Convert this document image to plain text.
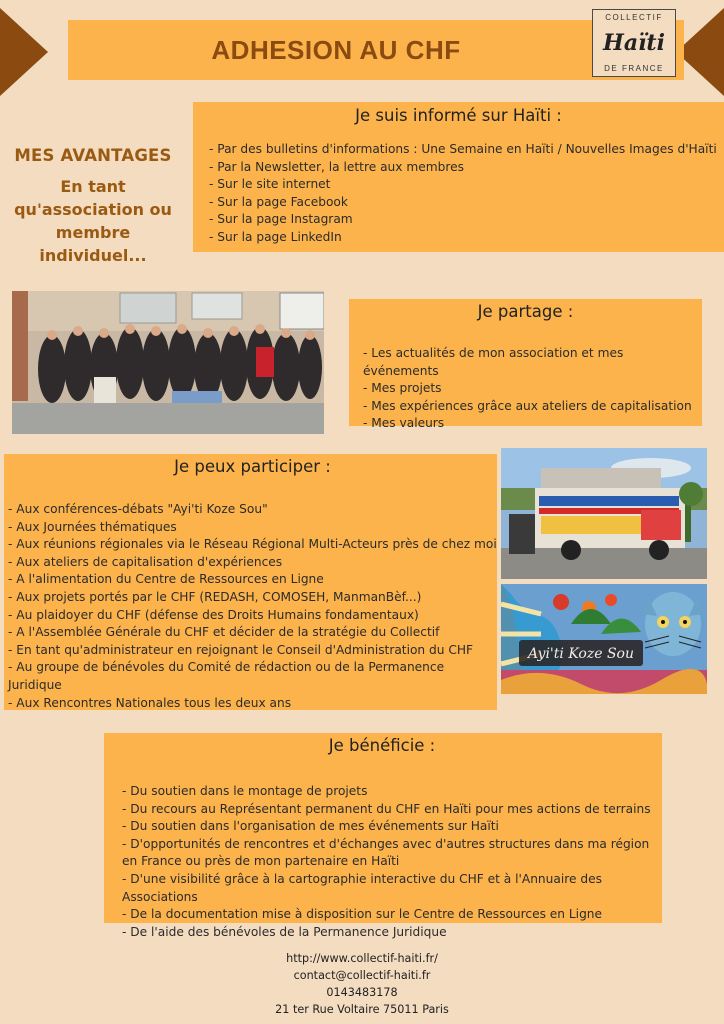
ADHESION AU CHF
COLLECTIF
Haïti
DE FRANCE
MES AVANTAGES
En tant
qu'association ou
membre individuel...
Je suis informé sur Haïti :
- Par des bulletins d'informations : Une Semaine en Haïti / Nouvelles Images d'Haïti
- Par la Newsletter, la lettre aux membres
- Sur le site internet
- Sur la page Facebook
- Sur la page Instagram
- Sur la page LinkedIn
Je partage :
- Les actualités de mon association et mes événements
- Mes projets
- Mes expériences grâce aux ateliers de capitalisation
- Mes valeurs
Je peux participer :
- Aux conférences-débats "Ayi'ti Koze Sou"
- Aux Journées thématiques
- Aux réunions régionales via le Réseau Régional Multi-Acteurs près de chez moi
- Aux ateliers de capitalisation d'expériences
- A l'alimentation du Centre de Ressources en Ligne
- Aux projets portés par le CHF (REDASH, COMOSEH, ManmanBèf...)
- Au plaidoyer du CHF (défense des Droits Humains fondamentaux)
- A l'Assemblée Générale du CHF et décider de la stratégie du Collectif
- En tant qu'administrateur en rejoignant le Conseil d'Administration du CHF
- Au groupe de bénévoles du Comité de rédaction ou de la Permanence Juridique
- Aux Rencontres Nationales tous les deux ans
Ayi'ti Koze Sou
Je bénéficie :
- Du soutien dans le montage de projets
- Du recours au Représentant permanent du CHF en Haïti pour mes actions de terrains
- Du soutien dans l'organisation de mes événements sur Haïti
- D'opportunités de rencontres et d'échanges avec d'autres structures dans ma région en France ou près de mon partenaire en Haïti
- D'une visibilité grâce à la cartographie interactive du CHF et à l'Annuaire des Associations
- De la documentation mise à disposition sur le Centre de Ressources en Ligne
- De l'aide des bénévoles de la Permanence Juridique
http://www.collectif-haiti.fr/
contact@collectif-haiti.fr
0143483178
21 ter Rue Voltaire 75011 Paris
